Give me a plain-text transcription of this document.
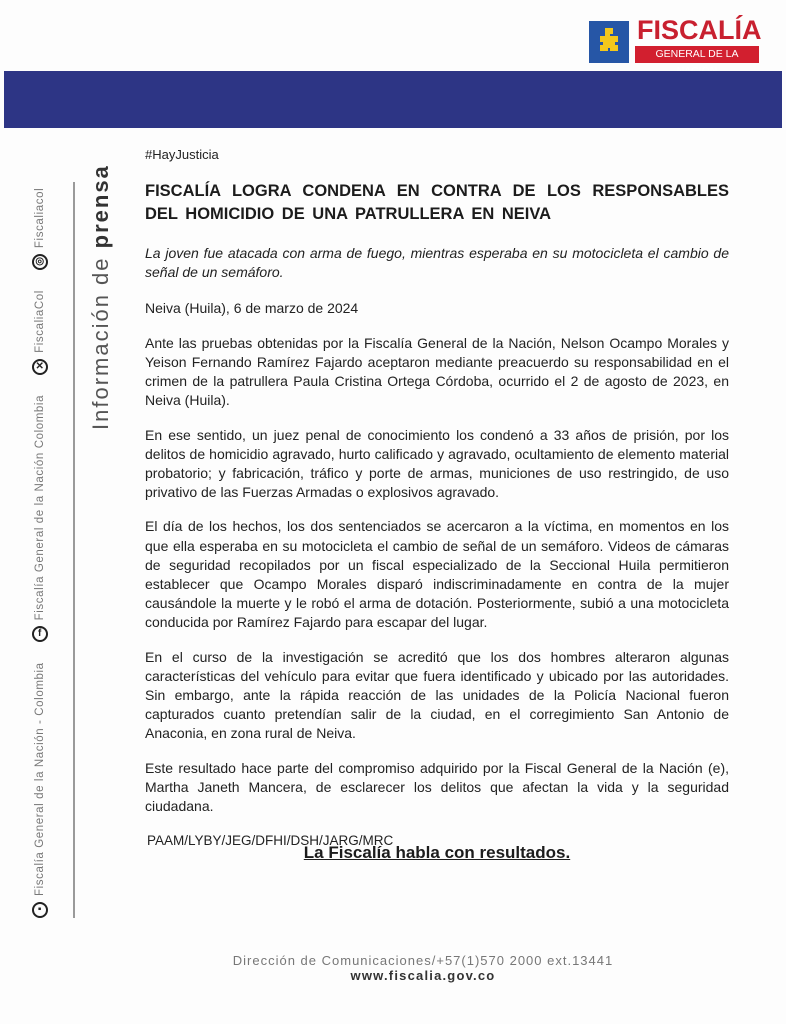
FISCALÍA
GENERAL DE LA
▪
Fiscalía General de la Nación - Colombia
f
Fiscalía General de la Nación Colombia
✕
FiscaliaCol
◎
Fiscaliacol
Información de prensa
#HayJusticia
FISCALÍA LOGRA CONDENA EN CONTRA DE LOS RESPONSABLES DEL HOMICIDIO DE UNA PATRULLERA EN NEIVA
La joven fue atacada con arma de fuego, mientras esperaba en su motocicleta el cambio de señal de un semáforo.
Neiva (Huila), 6 de marzo de 2024

Ante las pruebas obtenidas por la Fiscalía General de la Nación, Nelson Ocampo Morales y Yeison Fernando Ramírez Fajardo aceptaron mediante preacuerdo su responsabilidad en el crimen de la patrullera Paula Cristina Ortega Córdoba, ocurrido el 2 de agosto de 2023, en Neiva (Huila).

En ese sentido, un juez penal de conocimiento los condenó a 33 años de prisión, por los delitos de homicidio agravado, hurto calificado y agravado, ocultamiento de elemento material probatorio; y fabricación, tráfico y porte de armas, municiones de uso restringido, de uso privativo de las Fuerzas Armadas o explosivos agravado.

El día de los hechos, los dos sentenciados se acercaron a la víctima, en momentos en los que ella esperaba en su motocicleta el cambio de señal de un semáforo. Videos de cámaras de seguridad recopilados por un fiscal especializado de la Seccional Huila permitieron establecer que Ocampo Morales disparó indiscriminadamente en contra de la mujer causándole la muerte y le robó el arma de dotación. Posteriormente, subió a una motocicleta conducida por Ramírez Fajardo para escapar del lugar.

En el curso de la investigación se acreditó que los dos hombres alteraron algunas características del vehículo para evitar que fuera identificado y ubicado por las autoridades. Sin embargo, ante la rápida reacción de las unidades de la Policía Nacional fueron capturados cuanto pretendían salir de la ciudad, en el corregimiento San Antonio de Anaconia, en zona rural de Neiva.

Este resultado hace parte del compromiso adquirido por la Fiscal General de la Nación (e), Martha Janeth Mancera, de esclarecer los delitos que afectan la vida y la seguridad ciudadana.

PAAM/LYBY/JEG/DFHI/DSH/JARG/MRC
La Fiscalía habla con resultados.
Dirección de Comunicaciones/+57(1)570 2000 ext.13441
www.fiscalia.gov.co
